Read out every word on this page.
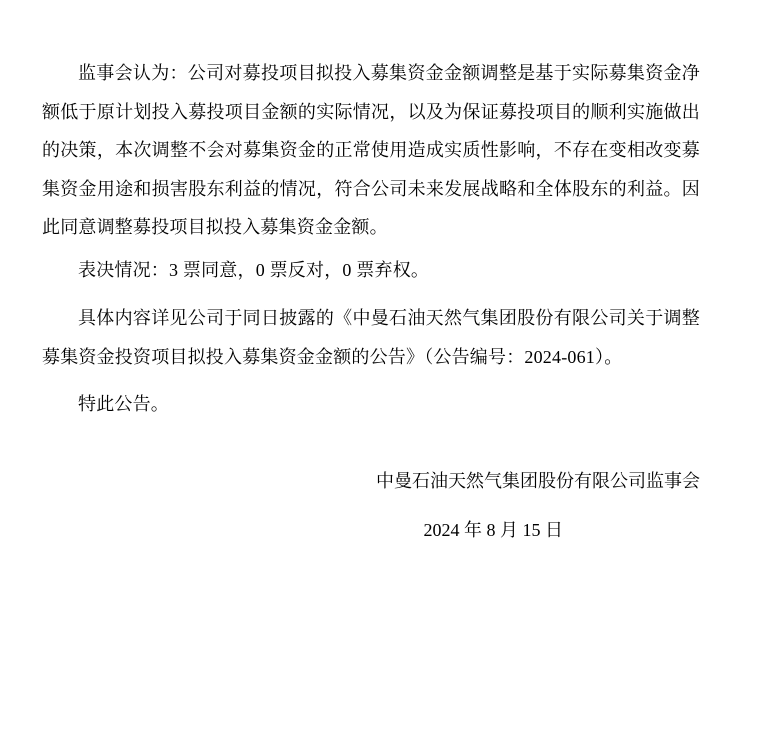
监事会认为：公司对募投项目拟投入募集资金金额调整是基于实际募集资金净额低于原计划投入募投项目金额的实际情况，以及为保证募投项目的顺利实施做出的决策，本次调整不会对募集资金的正常使用造成实质性影响，不存在变相改变募集资金用途和损害股东利益的情况，符合公司未来发展战略和全体股东的利益。因此同意调整募投项目拟投入募集资金金额。

表决情况：3 票同意，0 票反对，0 票弃权。

具体内容详见公司于同日披露的《中曼石油天然气集团股份有限公司关于调整募集资金投资项目拟投入募集资金金额的公告》（公告编号：2024-061）。

特此公告。

中曼石油天然气集团股份有限公司监事会

2024 年 8 月 15 日
